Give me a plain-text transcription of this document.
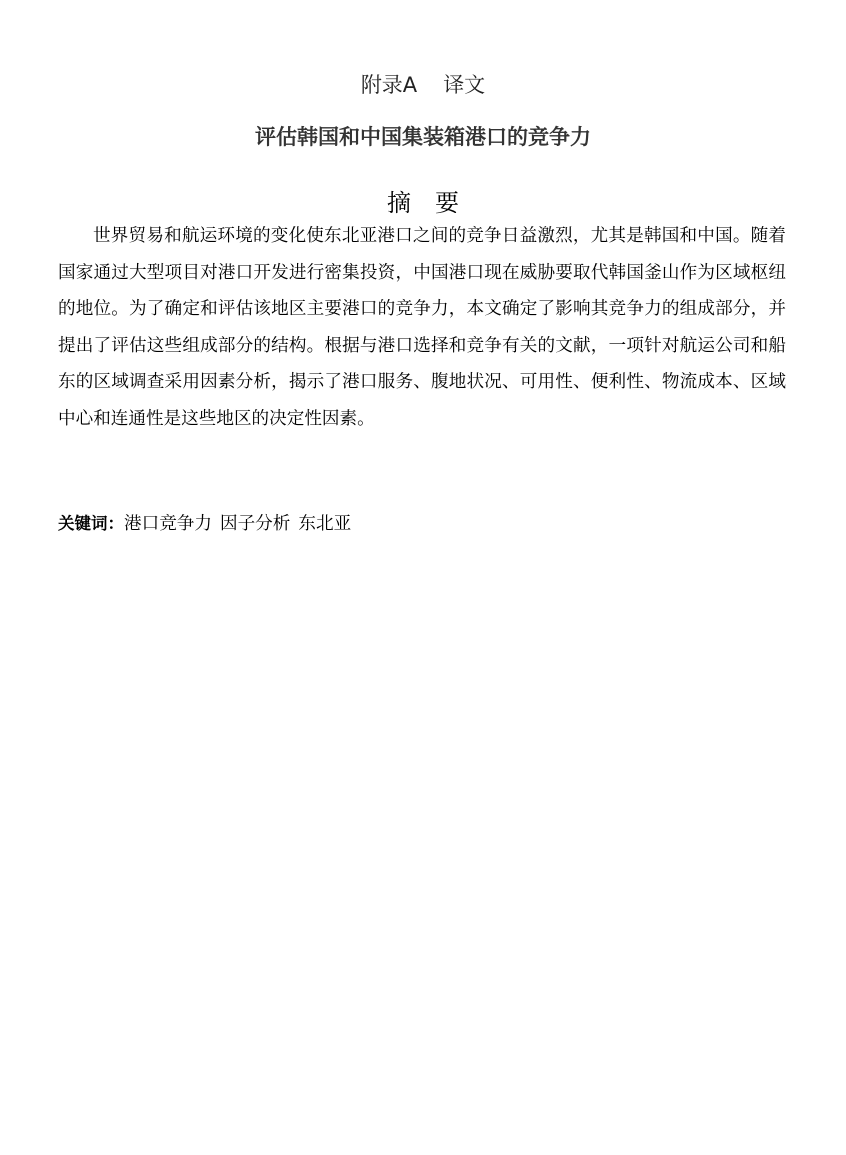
附录A 译文
评估韩国和中国集装箱港口的竞争力
摘要
世界贸易和航运环境的变化使东北亚港口之间的竞争日益激烈，尤其是韩国和中国。随着国家通过大型项目对港口开发进行密集投资，中国港口现在威胁要取代韩国釜山作为区域枢纽的地位。为了确定和评估该地区主要港口的竞争力，本文确定了影响其竞争力的组成部分，并提出了评估这些组成部分的结构。根据与港口选择和竞争有关的文献，一项针对航运公司和船东的区域调查采用因素分析，揭示了港口服务、腹地状况、可用性、便利性、物流成本、区域中心和连通性是这些地区的决定性因素。
关键词：港口竞争力 因子分析 东北亚
